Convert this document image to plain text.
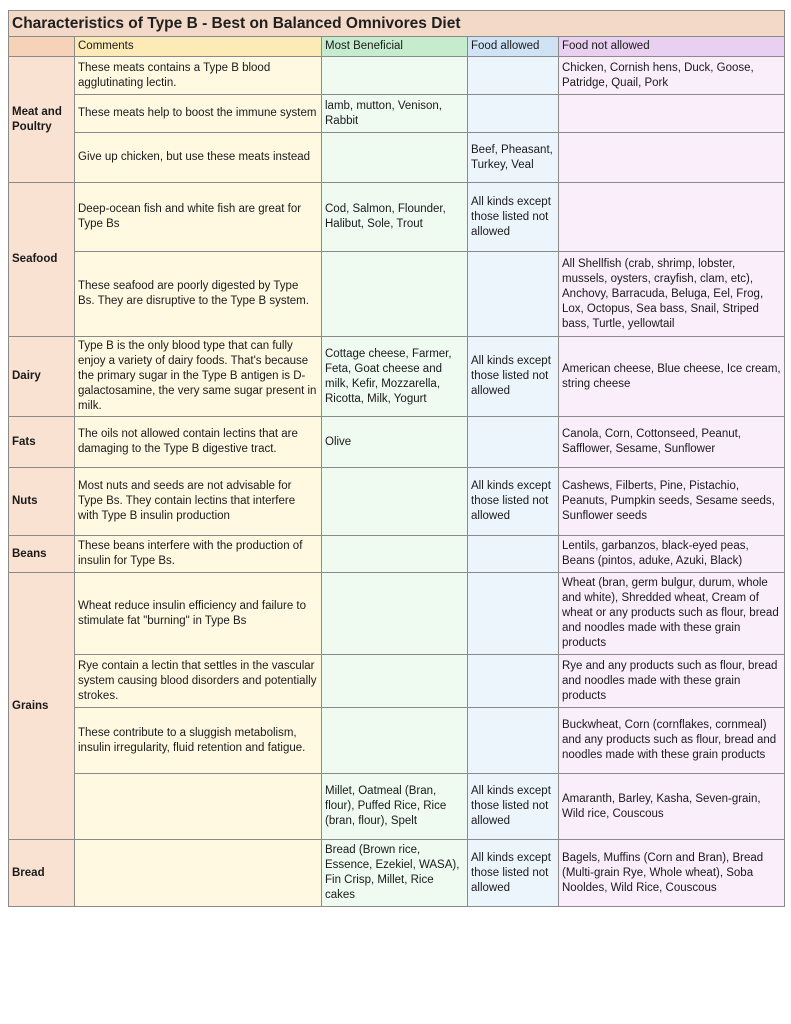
Characteristics of Type B - Best on Balanced Omnivores Diet				
	Comments	Most Beneficial	Food allowed	Food not allowed
Meat and Poultry	These meats contains a Type B blood agglutinating lectin.			Chicken, Cornish hens, Duck, Goose, Patridge, Quail, Pork
	These meats help to boost the immune system	lamb, mutton, Venison, Rabbit		
	Give up chicken, but use these meats instead		Beef, Pheasant, Turkey, Veal	
Seafood	Deep-ocean fish and white fish are great for Type Bs	Cod, Salmon, Flounder, Halibut, Sole, Trout	All kinds except those listed not allowed	
	These seafood are poorly digested by Type Bs. They are disruptive to the Type B system.			All Shellfish (crab, shrimp, lobster, mussels, oysters, crayfish, clam, etc), Anchovy, Barracuda, Beluga, Eel, Frog, Lox, Octopus, Sea bass, Snail, Striped bass, Turtle, yellowtail
Dairy	Type B is the only blood type that can fully enjoy a variety of dairy foods. That's because the primary sugar in the Type B antigen is D-galactosamine, the very same sugar present in milk.	Cottage cheese, Farmer, Feta, Goat cheese and milk, Kefir, Mozzarella, Ricotta, Milk, Yogurt	All kinds except those listed not allowed	American cheese, Blue cheese, Ice cream, string cheese
Fats	The oils not allowed contain lectins that are damaging to the Type B digestive tract.	Olive		Canola, Corn, Cottonseed, Peanut, Safflower, Sesame, Sunflower
Nuts	Most nuts and seeds are not advisable for Type Bs. They contain lectins that interfere with Type B insulin production		All kinds except those listed not allowed	Cashews, Filberts, Pine, Pistachio, Peanuts, Pumpkin seeds, Sesame seeds, Sunflower seeds
Beans	These beans interfere with the production of insulin for Type Bs.			Lentils, garbanzos, black-eyed peas, Beans (pintos, aduke, Azuki, Black)
Grains	Wheat reduce insulin efficiency and failure to stimulate fat "burning" in Type Bs			Wheat (bran, germ bulgur, durum, whole and white), Shredded wheat, Cream of wheat or any products such as flour, bread and noodles made with these grain products
	Rye contain a lectin that settles in the vascular system causing blood disorders and potentially strokes.			Rye and any products such as flour, bread and noodles made with these grain products
	These contribute to a sluggish metabolism, insulin irregularity, fluid retention and fatigue.			Buckwheat, Corn (cornflakes, cornmeal) and any products such as flour, bread and noodles made with these grain products
		Millet, Oatmeal (Bran, flour), Puffed Rice, Rice (bran, flour), Spelt	All kinds except those listed not allowed	Amaranth, Barley, Kasha, Seven-grain, Wild rice, Couscous
Bread		Bread (Brown rice, Essence, Ezekiel, WASA), Fin Crisp, Millet, Rice cakes	All kinds except those listed not allowed	Bagels, Muffins (Corn and Bran), Bread (Multi-grain Rye, Whole wheat), Soba Nooldes, Wild Rice, Couscous
